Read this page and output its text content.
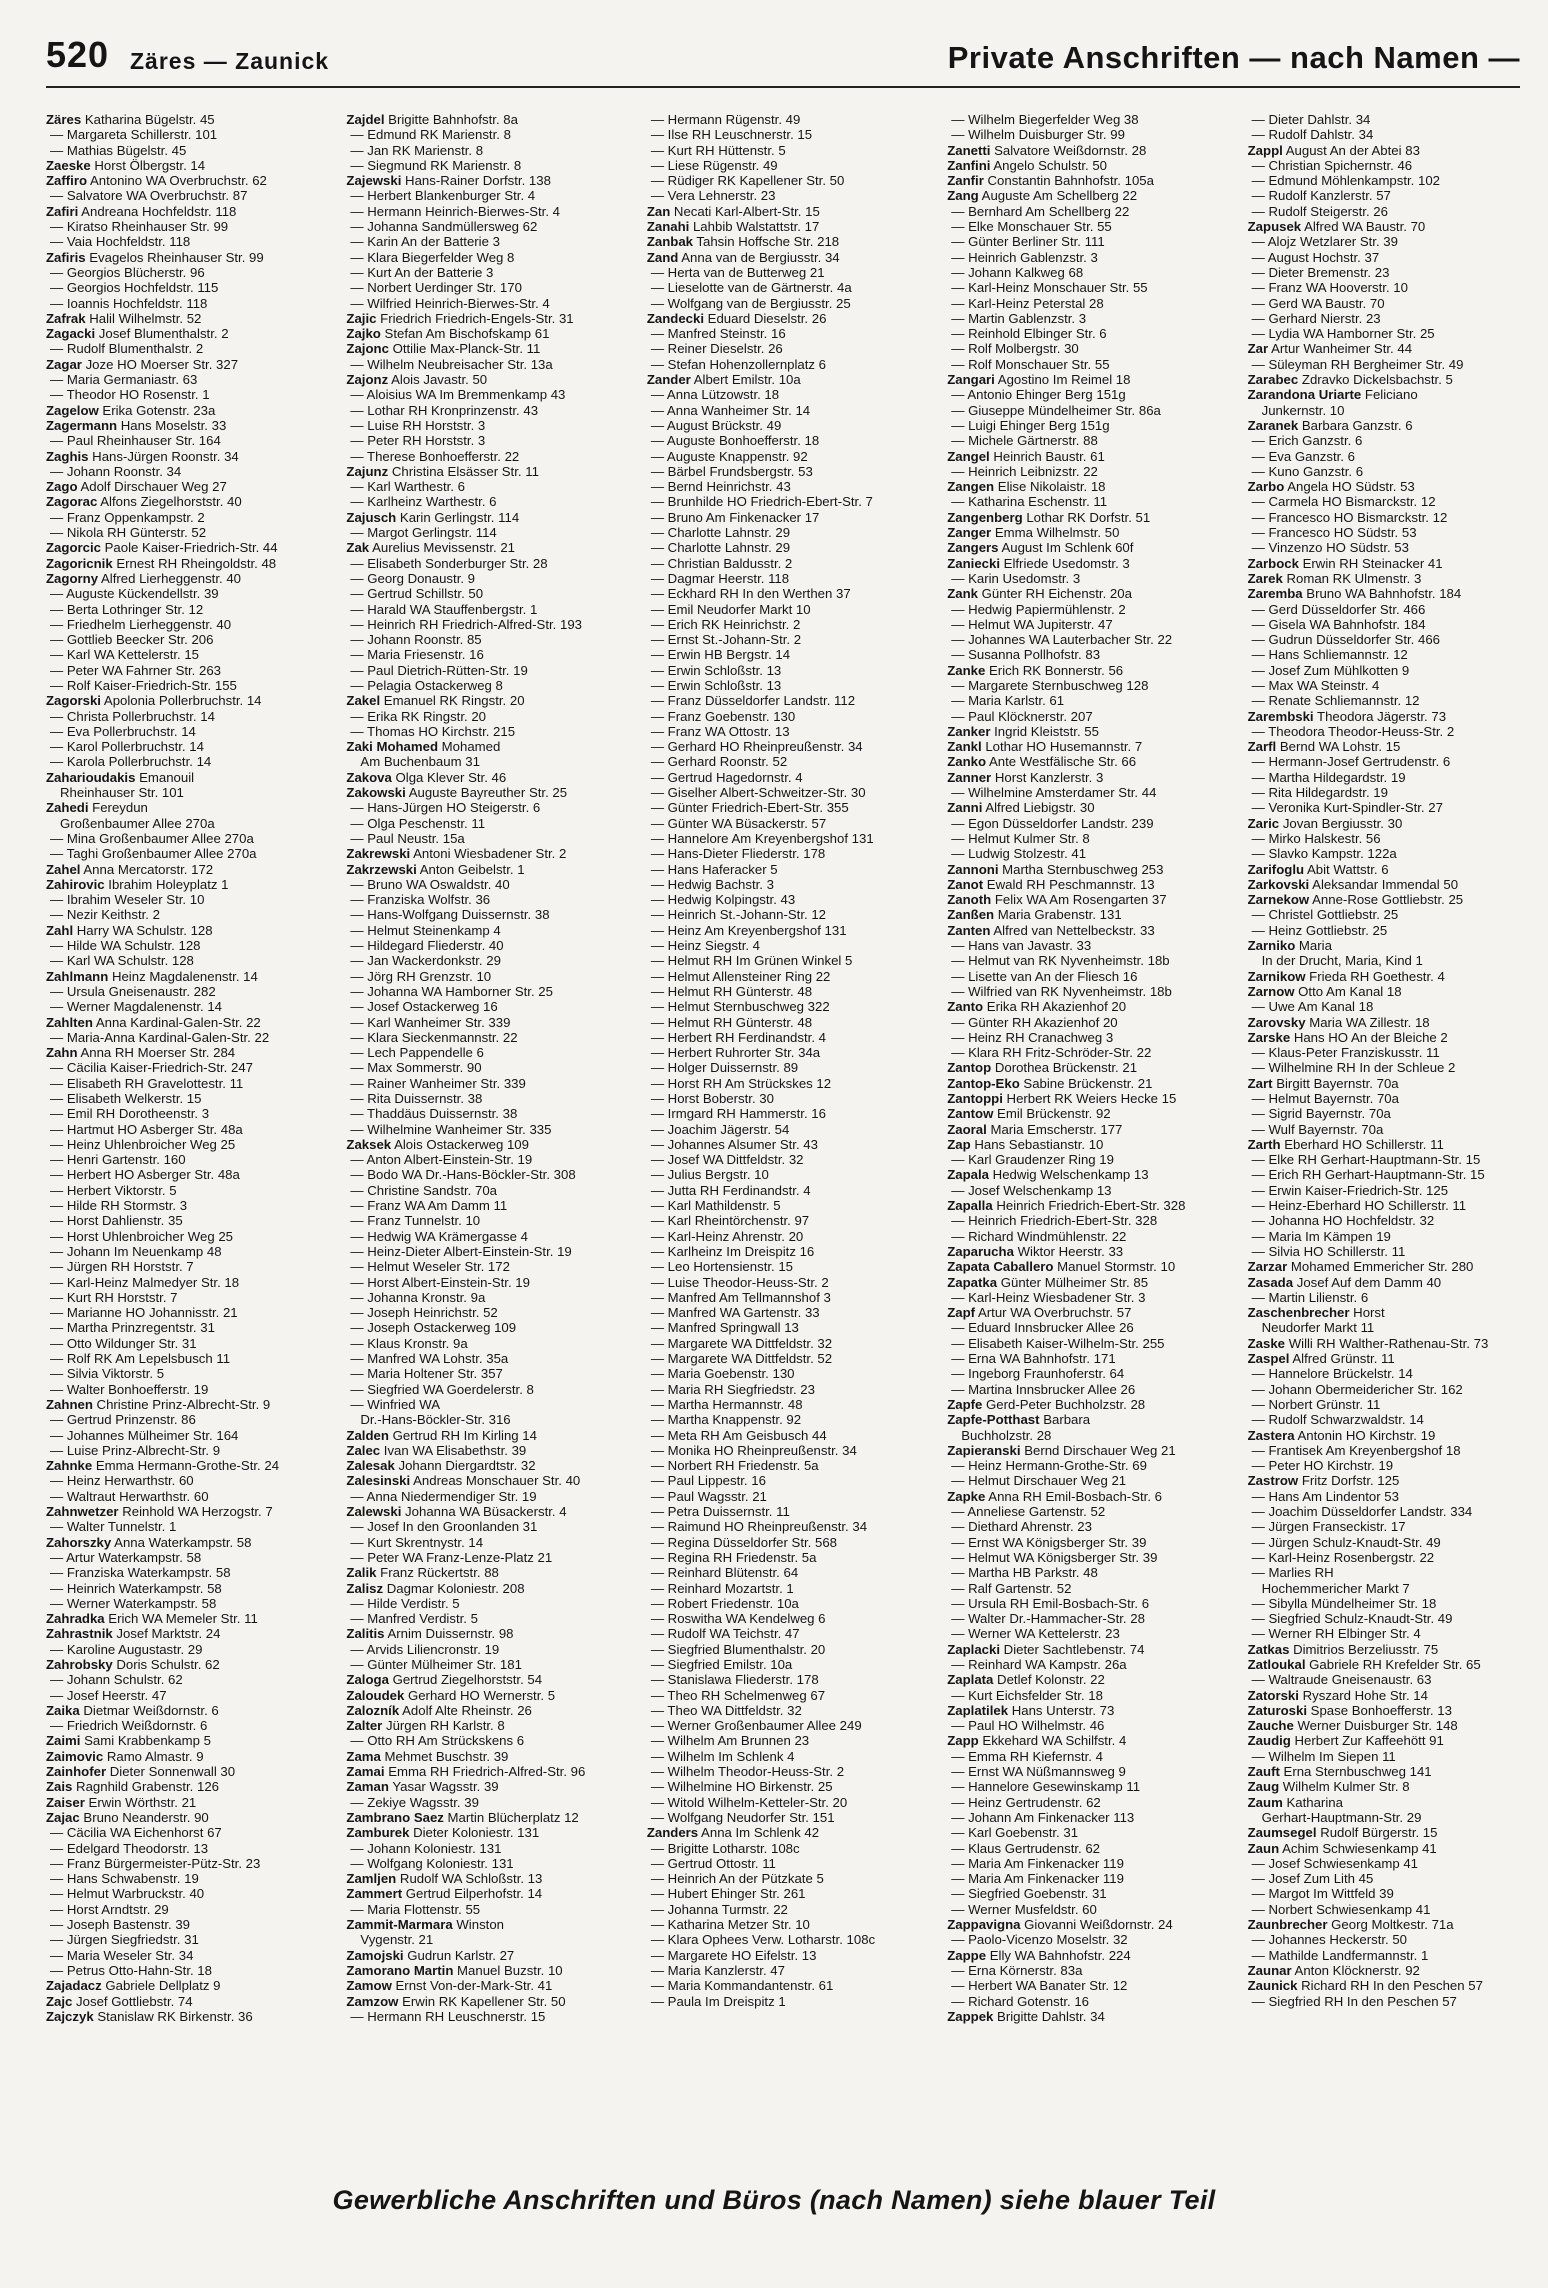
520 Zäres — Zaunick	Private Anschriften — nach Namen —
Zäres Katharina Bügelstr. 45
— Margareta Schillerstr. 101
— Mathias Bügelstr. 45
Zaeske Horst Ölbergstr. 14
Zaffiro Antonino WA Overbruchstr. 62
— Salvatore WA Overbruchstr. 87
Zafiri Andreana Hochfeldstr. 118
— Kiratso Rheinhauser Str. 99
— Vaia Hochfeldstr. 118
Zafiris Evagelos Rheinhauser Str. 99
— Georgios Blücherstr. 96
— Georgios Hochfeldstr. 115
— Ioannis Hochfeldstr. 118
Zafrak Halil Wilhelmstr. 52
Zagacki Josef Blumenthalstr. 2
— Rudolf Blumenthalstr. 2
Zagar Joze HO Moerser Str. 327
— Maria Germaniastr. 63
— Theodor HO Rosenstr. 1
Zagelow Erika Gotenstr. 23a
Zagermann Hans Moselstr. 33
— Paul Rheinhauser Str. 164
Zaghis Hans-Jürgen Roonstr. 34
— Johann Roonstr. 34
Zago Adolf Dirschauer Weg 27
Zagorac Alfons Ziegelhorststr. 40
— Franz Oppenkampstr. 2
— Nikola RH Günterstr. 52
Zagorcic Paole Kaiser-Friedrich-Str. 44
Zagoricnik Ernest RH Rheingoldstr. 48
Zagorny Alfred Lierheggenstr. 40
— Auguste Kückendellstr. 39
— Berta Lothringer Str. 12
— Friedhelm Lierheggenstr. 40
— Gottlieb Beecker Str. 206
— Karl WA Kettelerstr. 15
— Peter WA Fahrner Str. 263
— Rolf Kaiser-Friedrich-Str. 155
Zagorski Apolonia Pollerbruchstr. 14
— Christa Pollerbruchstr. 14
— Eva Pollerbruchstr. 14
— Karol Pollerbruchstr. 14
— Karola Pollerbruchstr. 14
Zaharioudakis Emanouil
Rheinhauser Str. 101
Zahedi Fereydun
Großenbaumer Allee 270a
— Mina Großenbaumer Allee 270a
— Taghi Großenbaumer Allee 270a
Zahel Anna Mercatorstr. 172
Zahirovic Ibrahim Holeyplatz 1
— Ibrahim Weseler Str. 10
— Nezir Keithstr. 2
Zahl Harry WA Schulstr. 128
— Hilde WA Schulstr. 128
— Karl WA Schulstr. 128
Zahlmann Heinz Magdalenenstr. 14
— Ursula Gneisenaustr. 282
— Werner Magdalenenstr. 14
Zahlten Anna Kardinal-Galen-Str. 22
— Maria-Anna Kardinal-Galen-Str. 22
Zahn Anna RH Moerser Str. 284
— Cäcilia Kaiser-Friedrich-Str. 247
— Elisabeth RH Gravelottestr. 11
— Elisabeth Welkerstr. 15
— Emil RH Dorotheenstr. 3
— Hartmut HO Asberger Str. 48a
— Heinz Uhlenbroicher Weg 25
— Henri Gartenstr. 160
— Herbert HO Asberger Str. 48a
— Herbert Viktorstr. 5
— Hilde RH Stormstr. 3
— Horst Dahlienstr. 35
— Horst Uhlenbroicher Weg 25
— Johann Im Neuenkamp 48
— Jürgen RH Horststr. 7
— Karl-Heinz Malmedyer Str. 18
— Kurt RH Horststr. 7
— Marianne HO Johannisstr. 21
— Martha Prinzregentstr. 31
— Otto Wildunger Str. 31
— Rolf RK Am Lepelsbusch 11
— Silvia Viktorstr. 5
— Walter Bonhoefferstr. 19
Zahnen Christine Prinz-Albrecht-Str. 9
— Gertrud Prinzenstr. 86
— Johannes Mülheimer Str. 164
— Luise Prinz-Albrecht-Str. 9
Zahnke Emma Hermann-Grothe-Str. 24
— Heinz Herwarthstr. 60
— Waltraut Herwarthstr. 60
Zahnwetzer Reinhold WA Herzogstr. 7
— Walter Tunnelstr. 1
Zahorszky Anna Waterkampstr. 58
— Artur Waterkampstr. 58
— Franziska Waterkampstr. 58
— Heinrich Waterkampstr. 58
— Werner Waterkampstr. 58
Zahradka Erich WA Memeler Str. 11
Zahrastnik Josef Marktstr. 24
— Karoline Augustastr. 29
Zahrobsky Doris Schulstr. 62
— Johann Schulstr. 62
— Josef Heerstr. 47
Zaika Dietmar Weißdornstr. 6
— Friedrich Weißdornstr. 6
Zaimi Sami Krabbenkamp 5
Zaimovic Ramo Almastr. 9
Zainhofer Dieter Sonnenwall 30
Zais Ragnhild Grabenstr. 126
Zaiser Erwin Wörthstr. 21
Zajac Bruno Neanderstr. 90
— Cäcilia WA Eichenhorst 67
— Edelgard Theodorstr. 13
— Franz Bürgermeister-Pütz-Str. 23
— Hans Schwabenstr. 19
— Helmut Warbruckstr. 40
— Horst Arndtstr. 29
— Joseph Bastenstr. 39
— Jürgen Siegfriedstr. 31
— Maria Weseler Str. 34
— Petrus Otto-Hahn-Str. 18
Zajadacz Gabriele Dellplatz 9
Zajc Josef Gottliebstr. 74
Zajczyk Stanislaw RK Birkenstr. 36
Zajdel Brigitte Bahnhofstr. 8a
— Edmund RK Marienstr. 8
— Jan RK Marienstr. 8
— Siegmund RK Marienstr. 8
Zajewski Hans-Rainer Dorfstr. 138
— Herbert Blankenburger Str. 4
— Hermann Heinrich-Bierwes-Str. 4
— Johanna Sandmüllersweg 62
— Karin An der Batterie 3
— Klara Biegerfelder Weg 8
— Kurt An der Batterie 3
— Norbert Uerdinger Str. 170
— Wilfried Heinrich-Bierwes-Str. 4
Zajic Friedrich Friedrich-Engels-Str. 31
Zajko Stefan Am Bischofskamp 61
Zajonc Ottilie Max-Planck-Str. 11
— Wilhelm Neubreisacher Str. 13a
Zajonz Alois Javastr. 50
— Aloisius WA Im Bremmenkamp 43
— Lothar RH Kronprinzenstr. 43
— Luise RH Horststr. 3
— Peter RH Horststr. 3
— Therese Bonhoefferstr. 22
Zajunz Christina Elsässer Str. 11
— Karl Warthestr. 6
— Karlheinz Warthestr. 6
Zajusch Karin Gerlingstr. 114
— Margot Gerlingstr. 114
Zak Aurelius Mevissenstr. 21
— Elisabeth Sonderburger Str. 28
— Georg Donaustr. 9
— Gertrud Schillstr. 50
— Harald WA Stauffenbergstr. 1
— Heinrich RH Friedrich-Alfred-Str. 193
— Johann Roonstr. 85
— Maria Friesenstr. 16
— Paul Dietrich-Rütten-Str. 19
— Pelagia Ostackerweg 8
Zakel Emanuel RK Ringstr. 20
— Erika RK Ringstr. 20
— Thomas HO Kirchstr. 215
Zaki Mohamed Mohamed
Am Buchenbaum 31
Zakova Olga Klever Str. 46
Zakowski Auguste Bayreuther Str. 25
— Hans-Jürgen HO Steigerstr. 6
— Olga Peschenstr. 11
— Paul Neustr. 15a
Zakrewski Antoni Wiesbadener Str. 2
Zakrzewski Anton Geibelstr. 1
— Bruno WA Oswaldstr. 40
— Franziska Wolfstr. 36
— Hans-Wolfgang Duissernstr. 38
— Helmut Steinenkamp 4
— Hildegard Fliederstr. 40
— Jan Wackerdonkstr. 29
— Jörg RH Grenzstr. 10
— Johanna WA Hamborner Str. 25
— Josef Ostackerweg 16
— Karl Wanheimer Str. 339
— Klara Sieckenmannstr. 22
— Lech Pappendelle 6
— Max Sommerstr. 90
— Rainer Wanheimer Str. 339
— Rita Duissernstr. 38
— Thaddäus Duissernstr. 38
— Wilhelmine Wanheimer Str. 335
Zaksek Alois Ostackerweg 109
— Anton Albert-Einstein-Str. 19
— Bodo WA Dr.-Hans-Böckler-Str. 308
— Christine Sandstr. 70a
— Franz WA Am Damm 11
— Franz Tunnelstr. 10
— Hedwig WA Krämergasse 4
— Heinz-Dieter Albert-Einstein-Str. 19
— Helmut Weseler Str. 172
— Horst Albert-Einstein-Str. 19
— Johanna Kronstr. 9a
— Joseph Heinrichstr. 52
— Joseph Ostackerweg 109
— Klaus Kronstr. 9a
— Manfred WA Lohstr. 35a
— Maria Holtener Str. 357
— Siegfried WA Goerdelerstr. 8
— Winfried WA
Dr.-Hans-Böckler-Str. 316
Zalden Gertrud RH Im Kirling 14
Zalec Ivan WA Elisabethstr. 39
Zalesak Johann Diergardtstr. 32
Zalesinski Andreas Monschauer Str. 40
— Anna Niedermendiger Str. 19
Zalewski Johanna WA Büsackerstr. 4
— Josef In den Groonlanden 31
— Kurt Skrentnystr. 14
— Peter WA Franz-Lenze-Platz 21
Zalik Franz Rückertstr. 88
Zalisz Dagmar Koloniestr. 208
— Hilde Verdistr. 5
— Manfred Verdistr. 5
Zalitis Arnim Duissernstr. 98
— Arvids Liliencronstr. 19
— Günter Mülheimer Str. 181
Zaloga Gertrud Ziegelhorststr. 54
Zaloudek Gerhard HO Wernerstr. 5
Zalozník Adolf Alte Rheinstr. 26
Zalter Jürgen RH Karlstr. 8
— Otto RH Am Strückskens 6
Zama Mehmet Buschstr. 39
Zamai Emma RH Friedrich-Alfred-Str. 96
Zaman Yasar Wagsstr. 39
— Zekiye Wagsstr. 39
Zambrano Saez Martin Blücherplatz 12
Zamburek Dieter Koloniestr. 131
— Johann Koloniestr. 131
— Wolfgang Koloniestr. 131
Zamljen Rudolf WA Schloßstr. 13
Zammert Gertrud Eilperhofstr. 14
— Maria Flottenstr. 55
Zammit-Marmara Winston
Vygenstr. 21
Zamojski Gudrun Karlstr. 27
Zamorano Martin Manuel Buzstr. 10
Zamow Ernst Von-der-Mark-Str. 41
Zamzow Erwin RK Kapellener Str. 50
— Hermann RH Leuschnerstr. 15
— Hermann Rügenstr. 49
— Ilse RH Leuschnerstr. 15
— Kurt RH Hüttenstr. 5
— Liese Rügenstr. 49
— Rüdiger RK Kapellener Str. 50
— Vera Lehnerstr. 23
Zan Necati Karl-Albert-Str. 15
Zanahi Lahbib Walstattstr. 17
Zanbak Tahsin Hoffsche Str. 218
Zand Anna van de Bergiusstr. 34
— Herta van de Butterweg 21
— Lieselotte van de Gärtnerstr. 4a
— Wolfgang van de Bergiusstr. 25
Zandecki Eduard Dieselstr. 26
— Manfred Steinstr. 16
— Reiner Dieselstr. 26
— Stefan Hohenzollernplatz 6
Zander Albert Emilstr. 10a
— Anna Lützowstr. 18
— Anna Wanheimer Str. 14
— August Brückstr. 49
— Auguste Bonhoefferstr. 18
— Auguste Knappenstr. 92
— Bärbel Frundsbergstr. 53
— Bernd Heinrichstr. 43
— Brunhilde HO Friedrich-Ebert-Str. 7
— Bruno Am Finkenacker 17
— Charlotte Lahnstr. 29
— Charlotte Lahnstr. 29
— Christian Baldusstr. 2
— Dagmar Heerstr. 118
— Eckhard RH In den Werthen 37
— Emil Neudorfer Markt 10
— Erich RK Heinrichstr. 2
— Ernst St.-Johann-Str. 2
— Erwin HB Bergstr. 14
— Erwin Schloßstr. 13
— Erwin Schloßstr. 13
— Franz Düsseldorfer Landstr. 112
— Franz Goebenstr. 130
— Franz WA Ottostr. 13
— Gerhard HO Rheinpreußenstr. 34
— Gerhard Roonstr. 52
— Gertrud Hagedornstr. 4
— Giselher Albert-Schweitzer-Str. 30
— Günter Friedrich-Ebert-Str. 355
— Günter WA Büsackerstr. 57
— Hannelore Am Kreyenbergshof 131
— Hans-Dieter Fliederstr. 178
— Hans Haferacker 5
— Hedwig Bachstr. 3
— Hedwig Kolpingstr. 43
— Heinrich St.-Johann-Str. 12
— Heinz Am Kreyenbergshof 131
— Heinz Siegstr. 4
— Helmut RH Im Grünen Winkel 5
— Helmut Allensteiner Ring 22
— Helmut RH Günterstr. 48
— Helmut Sternbuschweg 322
— Helmut RH Günterstr. 48
— Herbert RH Ferdinandstr. 4
— Herbert Ruhrorter Str. 34a
— Holger Duissernstr. 89
— Horst RH Am Strückskes 12
— Horst Boberstr. 30
— Irmgard RH Hammerstr. 16
— Joachim Jägerstr. 54
— Johannes Alsumer Str. 43
— Josef WA Dittfeldstr. 32
— Julius Bergstr. 10
— Jutta RH Ferdinandstr. 4
— Karl Mathildenstr. 5
— Karl Rheintörchenstr. 97
— Karl-Heinz Ahrenstr. 20
— Karlheinz Im Dreispitz 16
— Leo Hortensienstr. 15
— Luise Theodor-Heuss-Str. 2
— Manfred Am Tellmannshof 3
— Manfred WA Gartenstr. 33
— Manfred Springwall 13
— Margarete WA Dittfeldstr. 32
— Margarete WA Dittfeldstr. 52
— Maria Goebenstr. 130
— Maria RH Siegfriedstr. 23
— Martha Hermannstr. 48
— Martha Knappenstr. 92
— Meta RH Am Geisbusch 44
— Monika HO Rheinpreußenstr. 34
— Norbert RH Friedenstr. 5a
— Paul Lippestr. 16
— Paul Wagsstr. 21
— Petra Duissernstr. 11
— Raimund HO Rheinpreußenstr. 34
— Regina Düsseldorfer Str. 568
— Regina RH Friedenstr. 5a
— Reinhard Blütenstr. 64
— Reinhard Mozartstr. 1
— Robert Friedenstr. 10a
— Roswitha WA Kendelweg 6
— Rudolf WA Teichstr. 47
— Siegfried Blumenthalstr. 20
— Siegfried Emilstr. 10a
— Stanislawa Fliederstr. 178
— Theo RH Schelmenweg 67
— Theo WA Dittfeldstr. 32
— Werner Großenbaumer Allee 249
— Wilhelm Am Brunnen 23
— Wilhelm Im Schlenk 4
— Wilhelm Theodor-Heuss-Str. 2
— Wilhelmine HO Birkenstr. 25
— Witold Wilhelm-Ketteler-Str. 20
— Wolfgang Neudorfer Str. 151
Zanders Anna Im Schlenk 42
— Brigitte Lotharstr. 108c
— Gertrud Ottostr. 11
— Heinrich An der Pützkate 5
— Hubert Ehinger Str. 261
— Johanna Turmstr. 22
— Katharina Metzer Str. 10
— Klara Ophees Verw. Lotharstr. 108c
— Margarete HO Eifelstr. 13
— Maria Kanzlerstr. 47
— Maria Kommandantenstr. 61
— Paula Im Dreispitz 1
— Wilhelm Biegerfelder Weg 38
— Wilhelm Duisburger Str. 99
Zanetti Salvatore Weißdornstr. 28
Zanfini Angelo Schulstr. 50
Zanfir Constantin Bahnhofstr. 105a
Zang Auguste Am Schellberg 22
— Bernhard Am Schellberg 22
— Elke Monschauer Str. 55
— Günter Berliner Str. 111
— Heinrich Gablenzstr. 3
— Johann Kalkweg 68
— Karl-Heinz Monschauer Str. 55
— Karl-Heinz Peterstal 28
— Martin Gablenzstr. 3
— Reinhold Elbinger Str. 6
— Rolf Molbergstr. 30
— Rolf Monschauer Str. 55
Zangari Agostino Im Reimel 18
— Antonio Ehinger Berg 151g
— Giuseppe Mündelheimer Str. 86a
— Luigi Ehinger Berg 151g
— Michele Gärtnerstr. 88
Zangel Heinrich Baustr. 61
— Heinrich Leibnizstr. 22
Zangen Elise Nikolaistr. 18
— Katharina Eschenstr. 11
Zangenberg Lothar RK Dorfstr. 51
Zanger Emma Wilhelmstr. 50
Zangers August Im Schlenk 60f
Zaniecki Elfriede Usedomstr. 3
— Karin Usedomstr. 3
Zank Günter RH Eichenstr. 20a
— Hedwig Papiermühlenstr. 2
— Helmut WA Jupiterstr. 47
— Johannes WA Lauterbacher Str. 22
— Susanna Pollhofstr. 83
Zanke Erich RK Bonnerstr. 56
— Margarete Sternbuschweg 128
— Maria Karlstr. 61
— Paul Klöcknerstr. 207
Zanker Ingrid Kleiststr. 55
Zankl Lothar HO Husemannstr. 7
Zanko Ante Westfälische Str. 66
Zanner Horst Kanzlerstr. 3
— Wilhelmine Amsterdamer Str. 44
Zanni Alfred Liebigstr. 30
— Egon Düsseldorfer Landstr. 239
— Helmut Kulmer Str. 8
— Ludwig Stolzestr. 41
Zannoni Martha Sternbuschweg 253
Zanot Ewald RH Peschmannstr. 13
Zanoth Felix WA Am Rosengarten 37
Zanßen Maria Grabenstr. 131
Zanten Alfred van Nettelbeckstr. 33
— Hans van Javastr. 33
— Helmut van RK Nyvenheimstr. 18b
— Lisette van An der Fliesch 16
— Wilfried van RK Nyvenheimstr. 18b
Zanto Erika RH Akazienhof 20
— Günter RH Akazienhof 20
— Heinz RH Cranachweg 3
— Klara RH Fritz-Schröder-Str. 22
Zantop Dorothea Brückenstr. 21
Zantop-Eko Sabine Brückenstr. 21
Zantoppi Herbert RK Weiers Hecke 15
Zantow Emil Brückenstr. 92
Zaoral Maria Emscherstr. 177
Zap Hans Sebastianstr. 10
— Karl Graudenzer Ring 19
Zapala Hedwig Welschenkamp 13
— Josef Welschenkamp 13
Zapalla Heinrich Friedrich-Ebert-Str. 328
— Heinrich Friedrich-Ebert-Str. 328
— Richard Windmühlenstr. 22
Zaparucha Wiktor Heerstr. 33
Zapata Caballero Manuel Stormstr. 10
Zapatka Günter Mülheimer Str. 85
— Karl-Heinz Wiesbadener Str. 3
Zapf Artur WA Overbruchstr. 57
— Eduard Innsbrucker Allee 26
— Elisabeth Kaiser-Wilhelm-Str. 255
— Erna WA Bahnhofstr. 171
— Ingeborg Fraunhoferstr. 64
— Martina Innsbrucker Allee 26
Zapfe Gerd-Peter Buchholzstr. 28
Zapfe-Potthast Barbara
Buchholzstr. 28
Zapieranski Bernd Dirschauer Weg 21
— Heinz Hermann-Grothe-Str. 69
— Helmut Dirschauer Weg 21
Zapke Anna RH Emil-Bosbach-Str. 6
— Anneliese Gartenstr. 52
— Diethard Ahrenstr. 23
— Ernst WA Königsberger Str. 39
— Helmut WA Königsberger Str. 39
— Martha HB Parkstr. 48
— Ralf Gartenstr. 52
— Ursula RH Emil-Bosbach-Str. 6
— Walter Dr.-Hammacher-Str. 28
— Werner WA Kettelerstr. 23
Zaplacki Dieter Sachtlebenstr. 74
— Reinhard WA Kampstr. 26a
Zaplata Detlef Kolonstr. 22
— Kurt Eichsfelder Str. 18
Zaplatilek Hans Unterstr. 73
— Paul HO Wilhelmstr. 46
Zapp Ekkehard WA Schilfstr. 4
— Emma RH Kiefernstr. 4
— Ernst WA Nüßmannsweg 9
— Hannelore Gesewinskamp 11
— Heinz Gertrudenstr. 62
— Johann Am Finkenacker 113
— Karl Goebenstr. 31
— Klaus Gertrudenstr. 62
— Maria Am Finkenacker 119
— Maria Am Finkenacker 119
— Siegfried Goebenstr. 31
— Werner Musfeldstr. 60
Zappavigna Giovanni Weißdornstr. 24
— Paolo-Vicenzo Moselstr. 32
Zappe Elly WA Bahnhofstr. 224
— Erna Körnerstr. 83a
— Herbert WA Banater Str. 12
— Richard Gotenstr. 16
Zappek Brigitte Dahlstr. 34
— Dieter Dahlstr. 34
— Rudolf Dahlstr. 34
Zappl August An der Abtei 83
— Christian Spichernstr. 46
— Edmund Möhlenkampstr. 102
— Rudolf Kanzlerstr. 57
— Rudolf Steigerstr. 26
Zapusek Alfred WA Baustr. 70
— Alojz Wetzlarer Str. 39
— August Hochstr. 37
— Dieter Bremenstr. 23
— Franz WA Hooverstr. 10
— Gerd WA Baustr. 70
— Gerhard Nierstr. 23
— Lydia WA Hamborner Str. 25
Zar Artur Wanheimer Str. 44
— Süleyman RH Bergheimer Str. 49
Zarabec Zdravko Dickelsbachstr. 5
Zarandona Uriarte Feliciano
Junkernstr. 10
Zaranek Barbara Ganzstr. 6
— Erich Ganzstr. 6
— Eva Ganzstr. 6
— Kuno Ganzstr. 6
Zarbo Angela HO Südstr. 53
— Carmela HO Bismarckstr. 12
— Francesco HO Bismarckstr. 12
— Francesco HO Südstr. 53
— Vinzenzo HO Südstr. 53
Zarbock Erwin RH Steinacker 41
Zarek Roman RK Ulmenstr. 3
Zaremba Bruno WA Bahnhofstr. 184
— Gerd Düsseldorfer Str. 466
— Gisela WA Bahnhofstr. 184
— Gudrun Düsseldorfer Str. 466
— Hans Schliemannstr. 12
— Josef Zum Mühlkotten 9
— Max WA Steinstr. 4
— Renate Schliemannstr. 12
Zarembski Theodora Jägerstr. 73
— Theodora Theodor-Heuss-Str. 2
Zarfl Bernd WA Lohstr. 15
— Hermann-Josef Gertrudenstr. 6
— Martha Hildegardstr. 19
— Rita Hildegardstr. 19
— Veronika Kurt-Spindler-Str. 27
Zaric Jovan Bergiusstr. 30
— Mirko Halskestr. 56
— Slavko Kampstr. 122a
Zarifoglu Abit Wattstr. 6
Zarkovski Aleksandar Immendal 50
Zarnekow Anne-Rose Gottliebstr. 25
— Christel Gottliebstr. 25
— Heinz Gottliebstr. 25
Zarniko Maria
In der Drucht, Maria, Kind 1
Zarnikow Frieda RH Goethestr. 4
Zarnow Otto Am Kanal 18
— Uwe Am Kanal 18
Zarovsky Maria WA Zillestr. 18
Zarske Hans HO An der Bleiche 2
— Klaus-Peter Franziskusstr. 11
— Wilhelmine RH In der Schleue 2
Zart Birgitt Bayernstr. 70a
— Helmut Bayernstr. 70a
— Sigrid Bayernstr. 70a
— Wulf Bayernstr. 70a
Zarth Eberhard HO Schillerstr. 11
— Elke RH Gerhart-Hauptmann-Str. 15
— Erich RH Gerhart-Hauptmann-Str. 15
— Erwin Kaiser-Friedrich-Str. 125
— Heinz-Eberhard HO Schillerstr. 11
— Johanna HO Hochfeldstr. 32
— Maria Im Kämpen 19
— Silvia HO Schillerstr. 11
Zarzar Mohamed Emmericher Str. 280
Zasada Josef Auf dem Damm 40
— Martin Lilienstr. 6
Zaschenbrecher Horst
Neudorfer Markt 11
Zaske Willi RH Walther-Rathenau-Str. 73
Zaspel Alfred Grünstr. 11
— Hannelore Brückelstr. 14
— Johann Obermeidericher Str. 162
— Norbert Grünstr. 11
— Rudolf Schwarzwaldstr. 14
Zastera Antonin HO Kirchstr. 19
— Frantisek Am Kreyenbergshof 18
— Peter HO Kirchstr. 19
Zastrow Fritz Dorfstr. 125
— Hans Am Lindentor 53
— Joachim Düsseldorfer Landstr. 334
— Jürgen Franseckistr. 17
— Jürgen Schulz-Knaudt-Str. 49
— Karl-Heinz Rosenbergstr. 22
— Marlies RH
Hochemmericher Markt 7
— Sibylla Mündelheimer Str. 18
— Siegfried Schulz-Knaudt-Str. 49
— Werner RH Elbinger Str. 4
Zatkas Dimitrios Berzeliusstr. 75
Zatloukal Gabriele RH Krefelder Str. 65
— Waltraude Gneisenaustr. 63
Zatorski Ryszard Hohe Str. 14
Zaturoski Spase Bonhoefferstr. 13
Zauche Werner Duisburger Str. 148
Zaudig Herbert Zur Kaffeehött 91
— Wilhelm Im Siepen 11
Zauft Erna Sternbuschweg 141
Zaug Wilhelm Kulmer Str. 8
Zaum Katharina
Gerhart-Hauptmann-Str. 29
Zaumsegel Rudolf Bürgerstr. 15
Zaun Achim Schwiesenkamp 41
— Josef Schwiesenkamp 41
— Josef Zum Lith 45
— Margot Im Wittfeld 39
— Norbert Schwiesenkamp 41
Zaunbrecher Georg Moltkestr. 71a
— Johannes Heckerstr. 50
— Mathilde Landfermannstr. 1
Zaunar Anton Klöcknerstr. 92
Zaunick Richard RH In den Peschen 57
— Siegfried RH In den Peschen 57
Gewerbliche Anschriften und Büros (nach Namen) siehe blauer Teil
